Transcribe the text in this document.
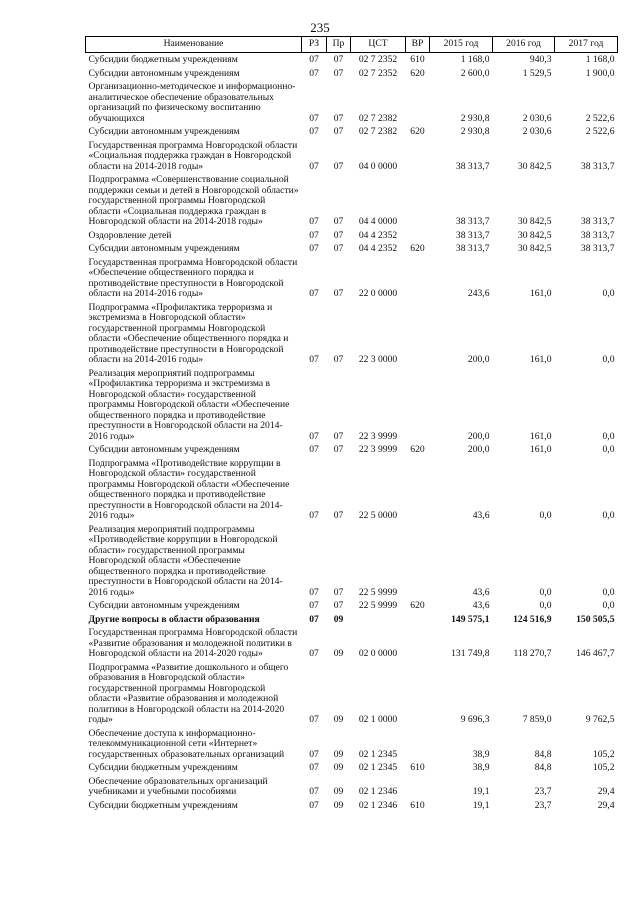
235
Наименование	РЗ	Пр	ЦСТ	ВР	2015 год	2016 год	2017 год
Субсидии бюджетным учреждениям	07	07	02 7 2352	610	1 168,0	940,3	1 168,0
Субсидии автономным учреждениям	07	07	02 7 2352	620	2 600,0	1 529,5	1 900,0
Организационно-методическое и информационно-аналитическое обеспечение образовательных организаций по физическому воспитанию обучающихся	07	07	02 7 2382		2 930,8	2 030,6	2 522,6
Субсидии автономным учреждениям	07	07	02 7 2382	620	2 930,8	2 030,6	2 522,6
Государственная программа Новгородской области «Социальная поддержка граждан в Новгородской области на 2014-2018 годы»	07	07	04 0 0000		38 313,7	30 842,5	38 313,7
Подпрограмма «Совершенствование социальной поддержки семьи и детей в Новгородской области» государственной программы Новгородской области «Социальная поддержка граждан в Новгородской области на 2014-2018 годы»	07	07	04 4 0000		38 313,7	30 842,5	38 313,7
Оздоровление детей	07	07	04 4 2352		38 313,7	30 842,5	38 313,7
Субсидии автономным учреждениям	07	07	04 4 2352	620	38 313,7	30 842,5	38 313,7
Государственная программа Новгородской области «Обеспечение общественного порядка и противодействие преступности в Новгородской области на 2014-2016 годы»	07	07	22 0 0000		243,6	161,0	0,0
Подпрограмма «Профилактика терроризма и экстремизма в Новгородской области» государственной программы Новгородской области «Обеспечение общественного порядка и противодействие преступности в Новгородской области на 2014-2016 годы»	07	07	22 3 0000		200,0	161,0	0,0
Реализация мероприятий подпрограммы «Профилактика терроризма и экстремизма в Новгородской области» государственной программы Новгородской области «Обеспечение общественного порядка и противодействие преступности в Новгородской области на 2014-2016 годы»	07	07	22 3 9999		200,0	161,0	0,0
Субсидии автономным учреждениям	07	07	22 3 9999	620	200,0	161,0	0,0
Подпрограмма «Противодействие коррупции в Новгородской области» государственной программы Новгородской области «Обеспечение общественного порядка и противодействие преступности в Новгородской области на 2014-2016 годы»	07	07	22 5 0000		43,6	0,0	0,0
Реализация мероприятий подпрограммы «Противодействие коррупции в Новгородской области» государственной программы Новгородской области «Обеспечение общественного порядка и противодействие преступности в Новгородской области на 2014-2016 годы»	07	07	22 5 9999		43,6	0,0	0,0
Субсидии автономным учреждениям	07	07	22 5 9999	620	43,6	0,0	0,0
Другие вопросы в области образования	07	09			149 575,1	124 516,9	150 505,5
Государственная программа Новгородской области «Развитие образования и молодежной политики в Новгородской области на 2014-2020 годы»	07	09	02 0 0000		131 749,8	118 270,7	146 467,7
Подпрограмма «Развитие дошкольного и общего образования в Новгородской области» государственной программы Новгородской области «Развитие образования и молодежной политики в Новгородской области на 2014-2020 годы»	07	09	02 1 0000		9 696,3	7 859,0	9 762,5
Обеспечение доступа к информационно-телекоммуникационной сети «Интернет» государственных образовательных организаций	07	09	02 1 2345		38,9	84,8	105,2
Субсидии бюджетным учреждениям	07	09	02 1 2345	610	38,9	84,8	105,2
Обеспечение образовательных организаций учебниками и учебными пособиями	07	09	02 1 2346		19,1	23,7	29,4
Субсидии бюджетным учреждениям	07	09	02 1 2346	610	19,1	23,7	29,4
